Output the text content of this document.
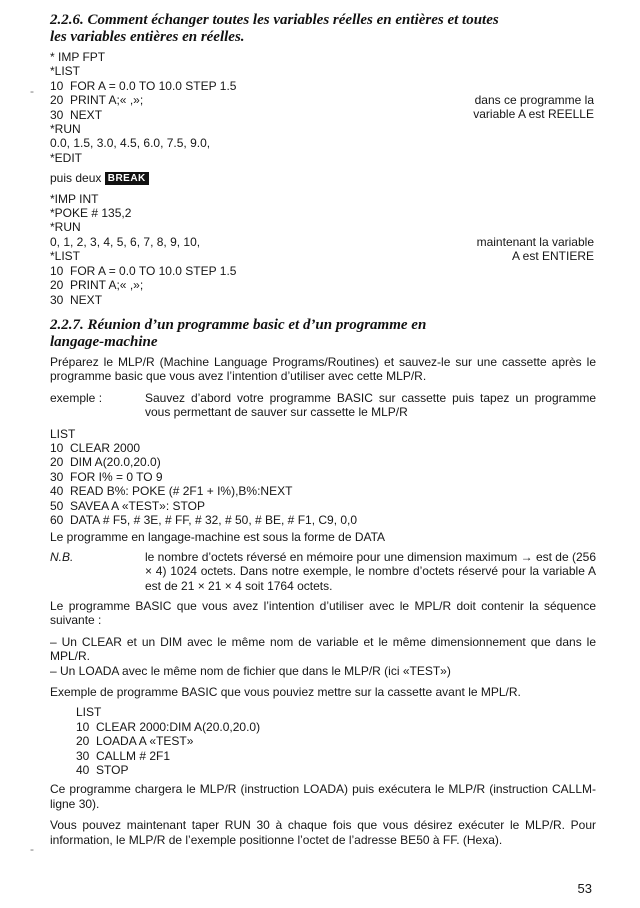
-
-
2.2.6. Comment échanger toutes les variables réelles en entières et toutes
les variables entières en réelles.
* IMP FPT
*LIST
10  FOR A = 0.0 TO 10.0 STEP 1.5
20  PRINT A;« ,»;
30  NEXT
*RUN
0.0, 1.5, 3.0, 4.5, 6.0, 7.5, 9.0,
*EDIT
dans ce programme la
variable A est REELLE

puis deux BREAK

*IMP INT
*POKE # 135,2
*RUN
0, 1, 2, 3, 4, 5, 6, 7, 8, 9, 10,
*LIST
10  FOR A = 0.0 TO 10.0 STEP 1.5
20  PRINT A;« ,»;
30  NEXT
maintenant la variable
A est ENTIERE
2.2.7. Réunion d’un programme basic et d’un programme en
langage-machine

Préparez le MLP/R (Machine Language Programs/Routines) et sauvez-le sur une cassette après le programme basic que vous avez l’intention d’utiliser avec cette MLP/R.

exemple :	Sauvez d’abord votre programme BASIC sur cassette puis tapez un programme vous permettant de sauver sur cassette le MLP/R

LIST
10  CLEAR 2000
20  DIM A(20.0,20.0)
30  FOR I% = 0 TO 9
40  READ B%: POKE (# 2F1 + I%),B%:NEXT
50  SAVEA A «TEST»: STOP
60  DATA # F5, # 3E, # FF, # 32, # 50, # BE, # F1, C9, 0,0

Le programme en langage-machine est sous la forme de DATA

N.B.	le nombre d’octets réversé en mémoire pour une dimension maximum → est de (256 × 4) 1024 octets. Dans notre exemple, le nombre d’octets réservé pour la variable A est de 21 × 21 × 4 soit 1764 octets.

Le programme BASIC que vous avez l’intention d’utiliser avec le MPL/R doit contenir la séquence suivante :

– Un CLEAR et un DIM avec le même nom de variable et le même dimensionnement que dans le MPL/R.

– Un LOADA avec le même nom de fichier que dans le MLP/R (ici «TEST»)

Exemple de programme BASIC que vous pouviez mettre sur la cassette avant le MPL/R.

LIST
10  CLEAR 2000:DIM A(20.0,20.0)
20  LOADA A «TEST»
30  CALLM # 2F1
40  STOP

Ce programme chargera le MLP/R (instruction LOADA) puis exécutera le MLP/R (instruction CALLM-ligne 30).

Vous pouvez maintenant taper RUN 30 à chaque fois que vous désirez exécuter le MLP/R. Pour information, le MLP/R de l’exemple positionne l’octet de l’adresse BE50 à FF. (Hexa).

53
